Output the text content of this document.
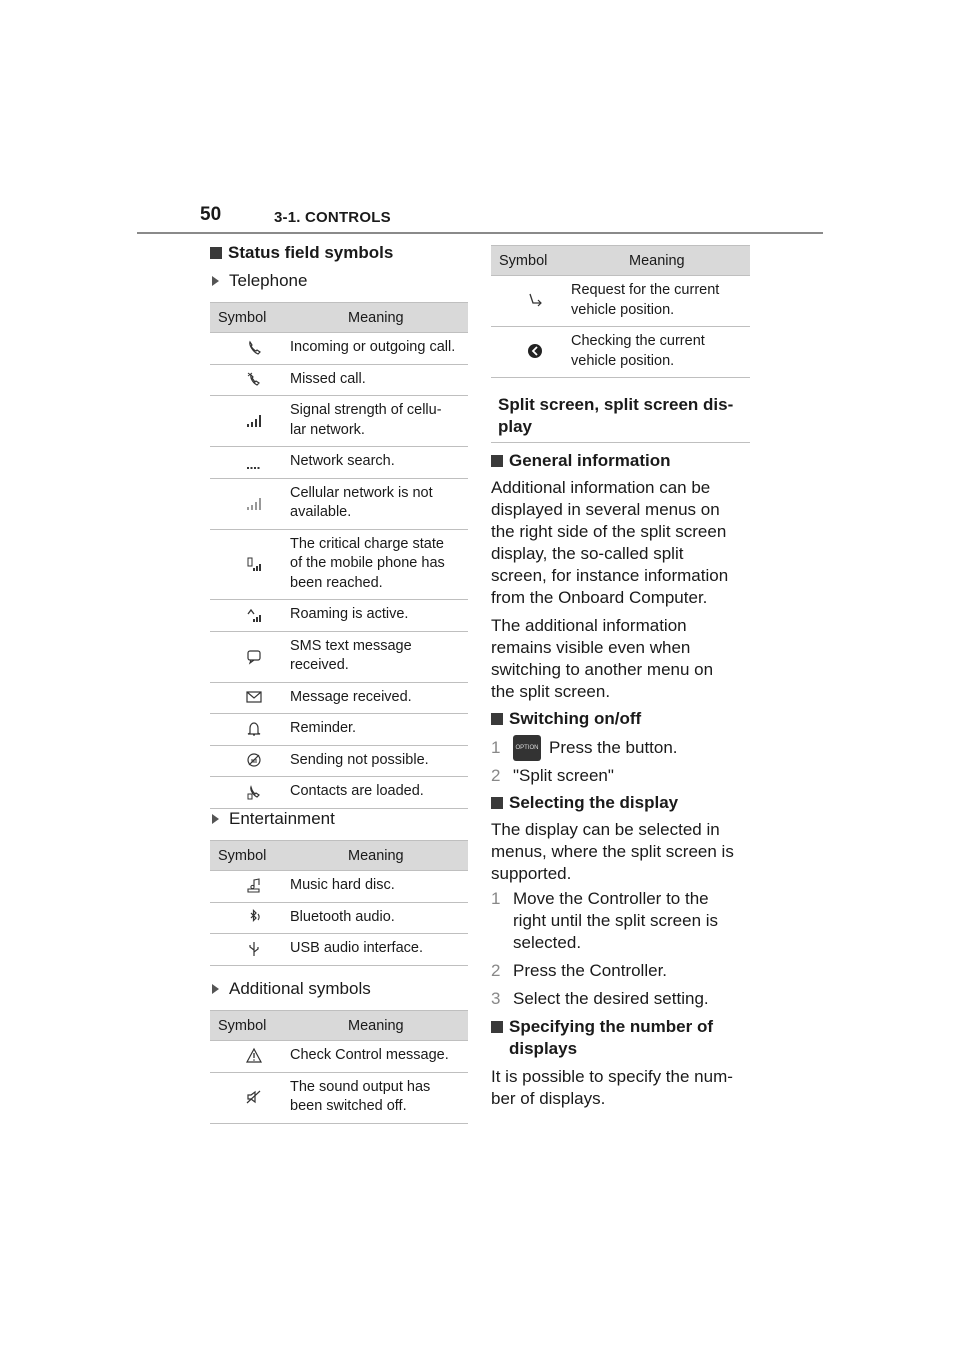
50	3-1. CONTROLS
Status field symbols
Telephone
Symbol	Meaning
	Incoming or outgoing call.
	Missed call.
	Signal strength of cellu-
lar network.
	Network search.
	Cellular network is not
available.
	The critical charge state
of the mobile phone has
been reached.
	Roaming is active.
	SMS text message
received.
	Message received.
	Reminder.
	Sending not possible.
	Contacts are loaded.
Entertainment
Symbol	Meaning
	Music hard disc.
	Bluetooth audio.
	USB audio interface.
Additional symbols
Symbol	Meaning
	Check Control message.
	The sound output has
been switched off.
Symbol	Meaning
	Request for the current
vehicle position.
	Checking the current
vehicle position.
Split screen, split screen dis-
play
General information
Additional information can be
displayed in several menus on
the right side of the split screen
display, the so-called split
screen, for instance information
from the Onboard Computer.
The additional information
remains visible even when
switching to another menu on
the split screen.
Switching on/off
1	OPTION Press the button.
2 "Split screen"
Selecting the display
The display can be selected in
menus, where the split screen is
supported.
1 Move the Controller to the
right until the split screen is
selected.
2 Press the Controller.
3 Select the desired setting.
Specifying the number of
displays
It is possible to specify the num-
ber of displays.
